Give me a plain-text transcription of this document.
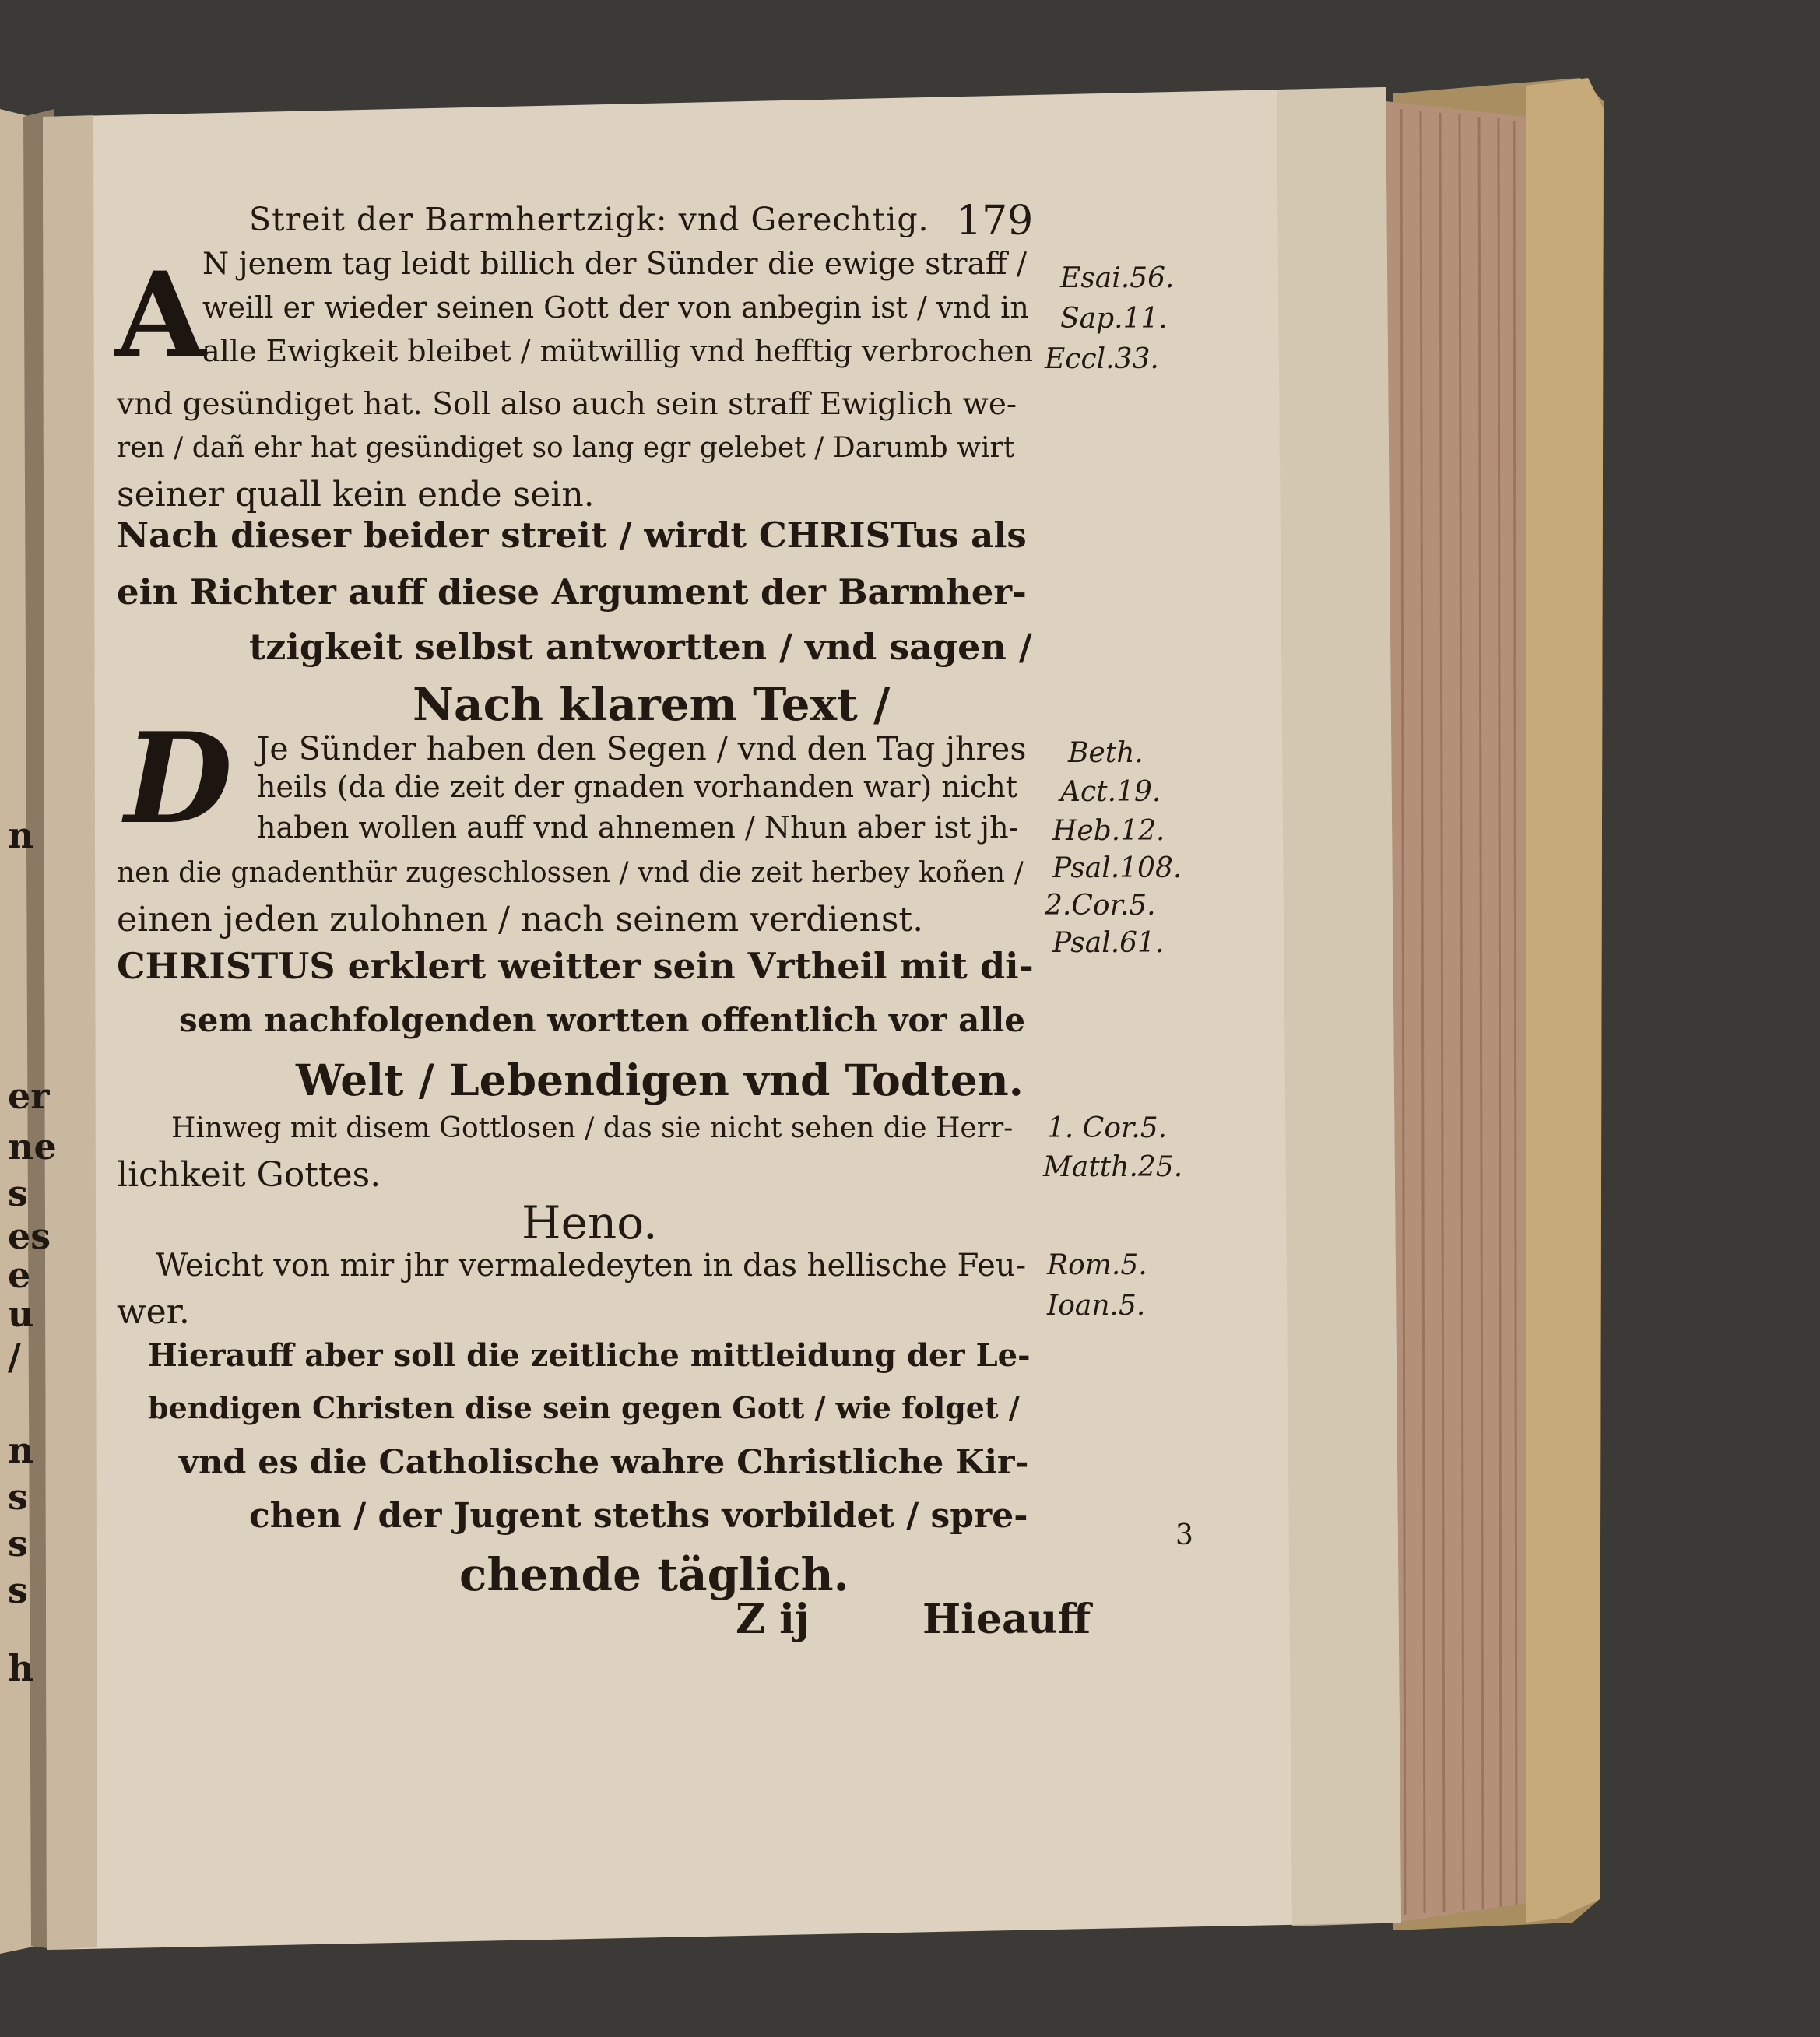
n
er
ne
s
es
e
u
/
n
s
s
s
h
Streit der Barmhertzigk: vnd Gerechtig. 179
A
N jenem tag leidt billich der Sünder die ewige straff /
weill er wieder seinen Gott der von anbegin ist / vnd in
alle Ewigkeit bleibet / mütwillig vnd hefftig verbrochen
vnd gesündiget hat. Soll also auch sein straff Ewiglich we-
ren / dañ ehr hat gesündiget so lang egr gelebet / Darumb wirt
seiner quall kein ende sein.
Nach dieser beider streit / wirdt CHRISTus als
ein Richter auff diese Argument der Barmher-
tzigkeit selbst antwortten / vnd sagen /
Nach klarem Text /
D Je Sünder haben den Segen / vnd den Tag jhres
heils (da die zeit der gnaden vorhanden war) nicht
haben wollen auff vnd ahnemen / Nhun aber ist jh-
nen die gnadenthür zugeschlossen / vnd die zeit herbey koñen /
einen jeden zulohnen / nach seinem verdienst.
CHRISTUS erklert weitter sein Vrtheil mit di-
sem nachfolgenden wortten offentlich vor alle
Welt / Lebendigen vnd Todten.
Hinweg mit disem Gottlosen / das sie nicht sehen die Herr-
lichkeit Gottes.
Heno.
Weicht von mir jhr vermaledeyten in das hellische Feu-
wer.
Hierauff aber soll die zeitliche mittleidung der Le-
bendigen Christen dise sein gegen Gott / wie folget /
vnd es die Catholische wahre Christliche Kir-
chen / der Jugent steths vorbildet / spre-
chende täglich.
Z ij	Hieauff
3
Esai.56.
Sap.11.
Eccl.33.
Beth.
Act.19.
Heb.12.
Psal.108.
2.Cor.5.
Psal.61.
1. Cor.5.
Matth.25.
Rom.5.
Ioan.5.
